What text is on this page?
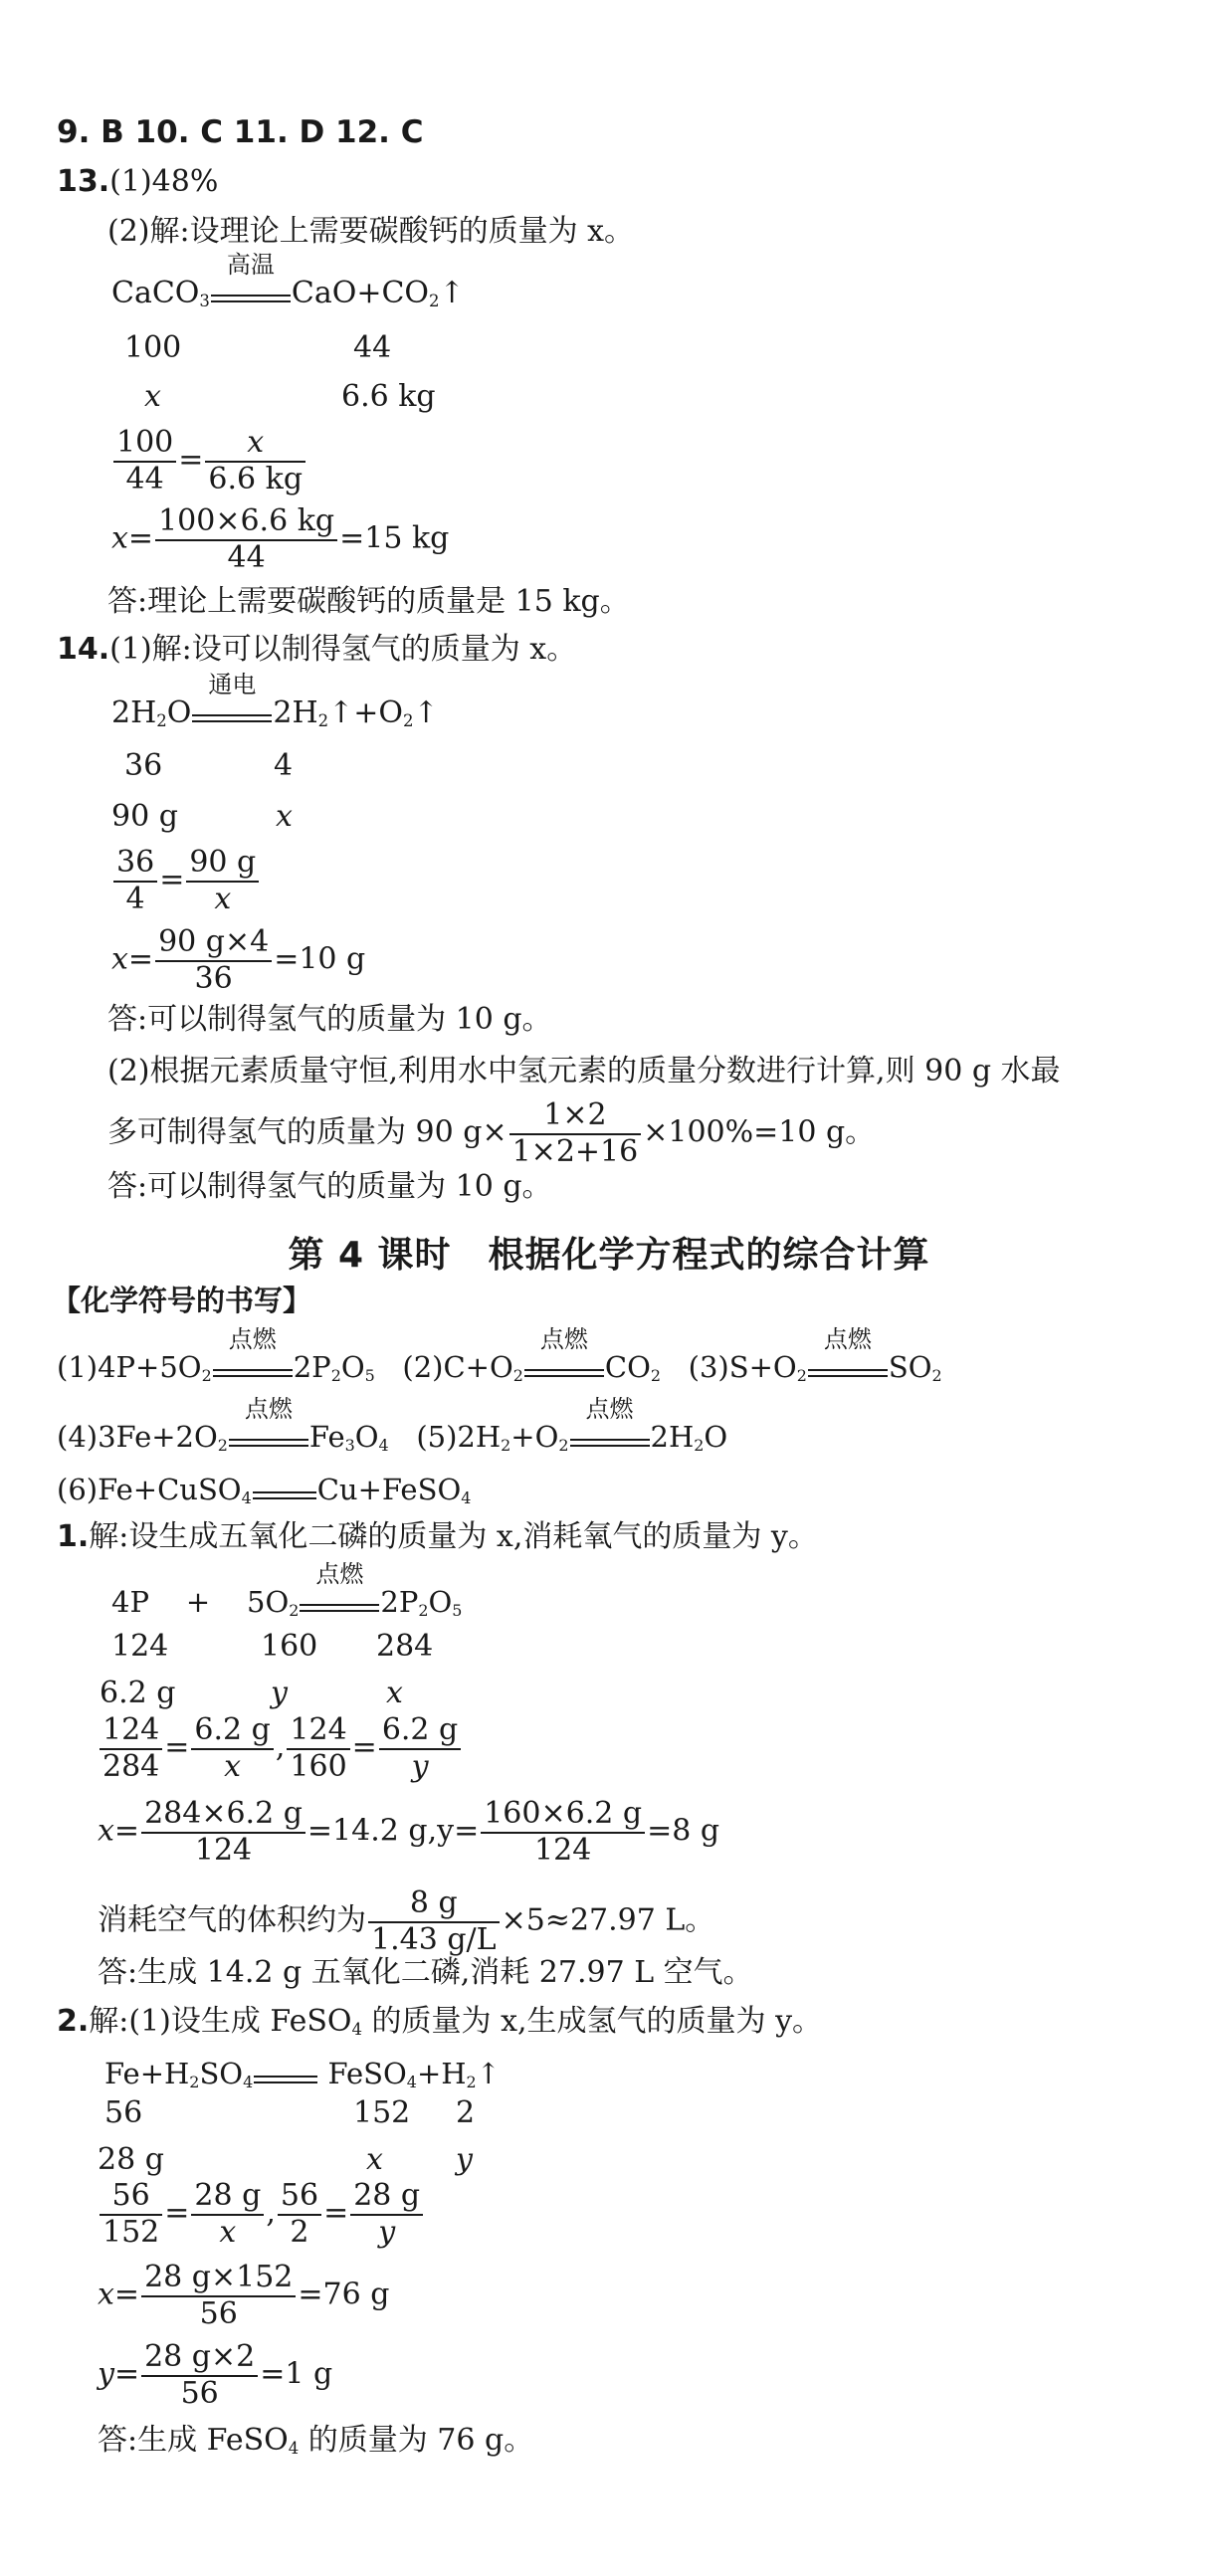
9. B 10. C 11. D 12. C
13.(1)48%
(2)解:设理论上需要碳酸钙的质量为 x。
CaCO$_3$
高温
$CaO+CO_2↑$
100	44
x	6.6 kg
$\frac{100}{44} = \frac{x}{6.6 kg}$
$x= \frac{100\times 6.6 kg}{44} =15$ kg
答:理论上需要碳酸钙的质量是 15 kg。
14.(1)解:设可以制得氢气的质量为 x。
$2H_2O$
通电
$2H_2↑+O_2↑$
36	4
90 g	x
$\frac{36}{4} = \frac{90 g}{x}$
$x= \frac{90 g\times 4}{36} =10$ g
答:可以制得氢气的质量为 10 g。
(2)根据元素质量守恒,利用水中氢元素的质量分数进行计算,则 90 g 水最
多可制得氢气的质量为 90 $g\times \frac{1\times 2}{1\times 2+16} \times 100\%=10$ g。
答:可以制得氢气的质量为 10 g。
第 4 课时　根据化学方程式的综合计算
【化学符号的书写】
$(1)4P+5O_2$
点燃
$2P_2O_5$ $(2)C+O_2$
点燃
$CO_2$ $(3)S+O_2$
点燃
$SO_2$
$(4)3Fe+2O_2$
点燃
$Fe_3O_4$ $(5)2H_2+O_2$
点燃
$2H_2O$
(6)Fe+CuSO$_4$ Cu+FeSO$_4$
1.解:设生成五氧化二磷的质量为 x,消耗氧气的质量为 y。
$4P + 5O_2$
点燃
$2P_2O_5$
124	160 284
6.2 g	y	x
$\frac{124}{284} = \frac{6.2 g}{x}$ , $\frac{124}{160} = \frac{6.2 g}{y}$
$x= \frac{284\times 6.2 g}{124} =14.2$ $g,y= \frac{160\times 6.2 g}{124} =8$ g
消耗空气的体积约为 $\frac{8 g}{1.43 g/L} \times 5\approx 27.97$ L。
答:生成 14.2 g 五氧化二磷,消耗 27.97 L 空气。
2.解:(1)设生成 FeSO$_4$ 的质量为 x,生成氢气的质量为 y。
$Fe+H_2SO_4$	$FeSO_4+H_2↑$
56	152 2
28 g	x y
$\frac{56}{152} = \frac{28 g}{x}$ , $\frac{56}{2} = \frac{28 g}{y}$
$x= \frac{28 g\times 152}{56} =76$ g
$y= \frac{28 g\times 2}{56} =1$ g
答:生成 FeSO$_4$ 的质量为 76 g。
